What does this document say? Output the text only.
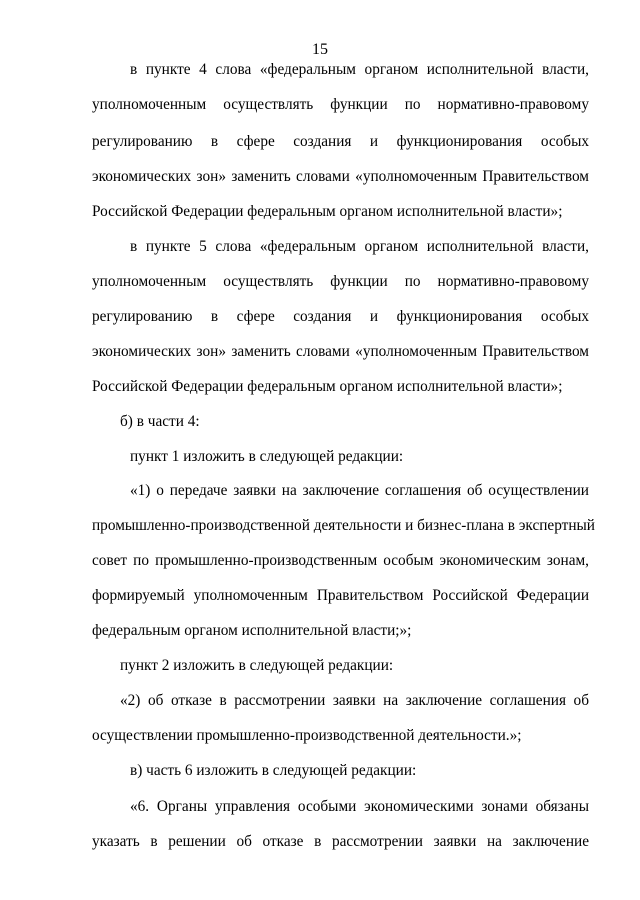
15
в пункте 4 слова «федеральным органом исполнительной власти,
уполномоченным осуществлять функции по нормативно-правовому
регулированию в сфере создания и функционирования особых
экономических зон» заменить словами «уполномоченным Правительством
Российской Федерации федеральным органом исполнительной власти»;
в пункте 5 слова «федеральным органом исполнительной власти,
уполномоченным осуществлять функции по нормативно-правовому
регулированию в сфере создания и функционирования особых
экономических зон» заменить словами «уполномоченным Правительством
Российской Федерации федеральным органом исполнительной власти»;
б) в части 4:
пункт 1 изложить в следующей редакции:
«1) о передаче заявки на заключение соглашения об осуществлении
промышленно-производственной деятельности и бизнес-плана в экспертный
совет по промышленно-производственным особым экономическим зонам,
формируемый уполномоченным Правительством Российской Федерации
федеральным органом исполнительной власти;»;
пункт 2 изложить в следующей редакции:
«2) об отказе в рассмотрении заявки на заключение соглашения об
осуществлении промышленно-производственной деятельности.»;
в) часть 6 изложить в следующей редакции:
«6. Органы управления особыми экономическими зонами обязаны
указать в решении об отказе в рассмотрении заявки на заключение
